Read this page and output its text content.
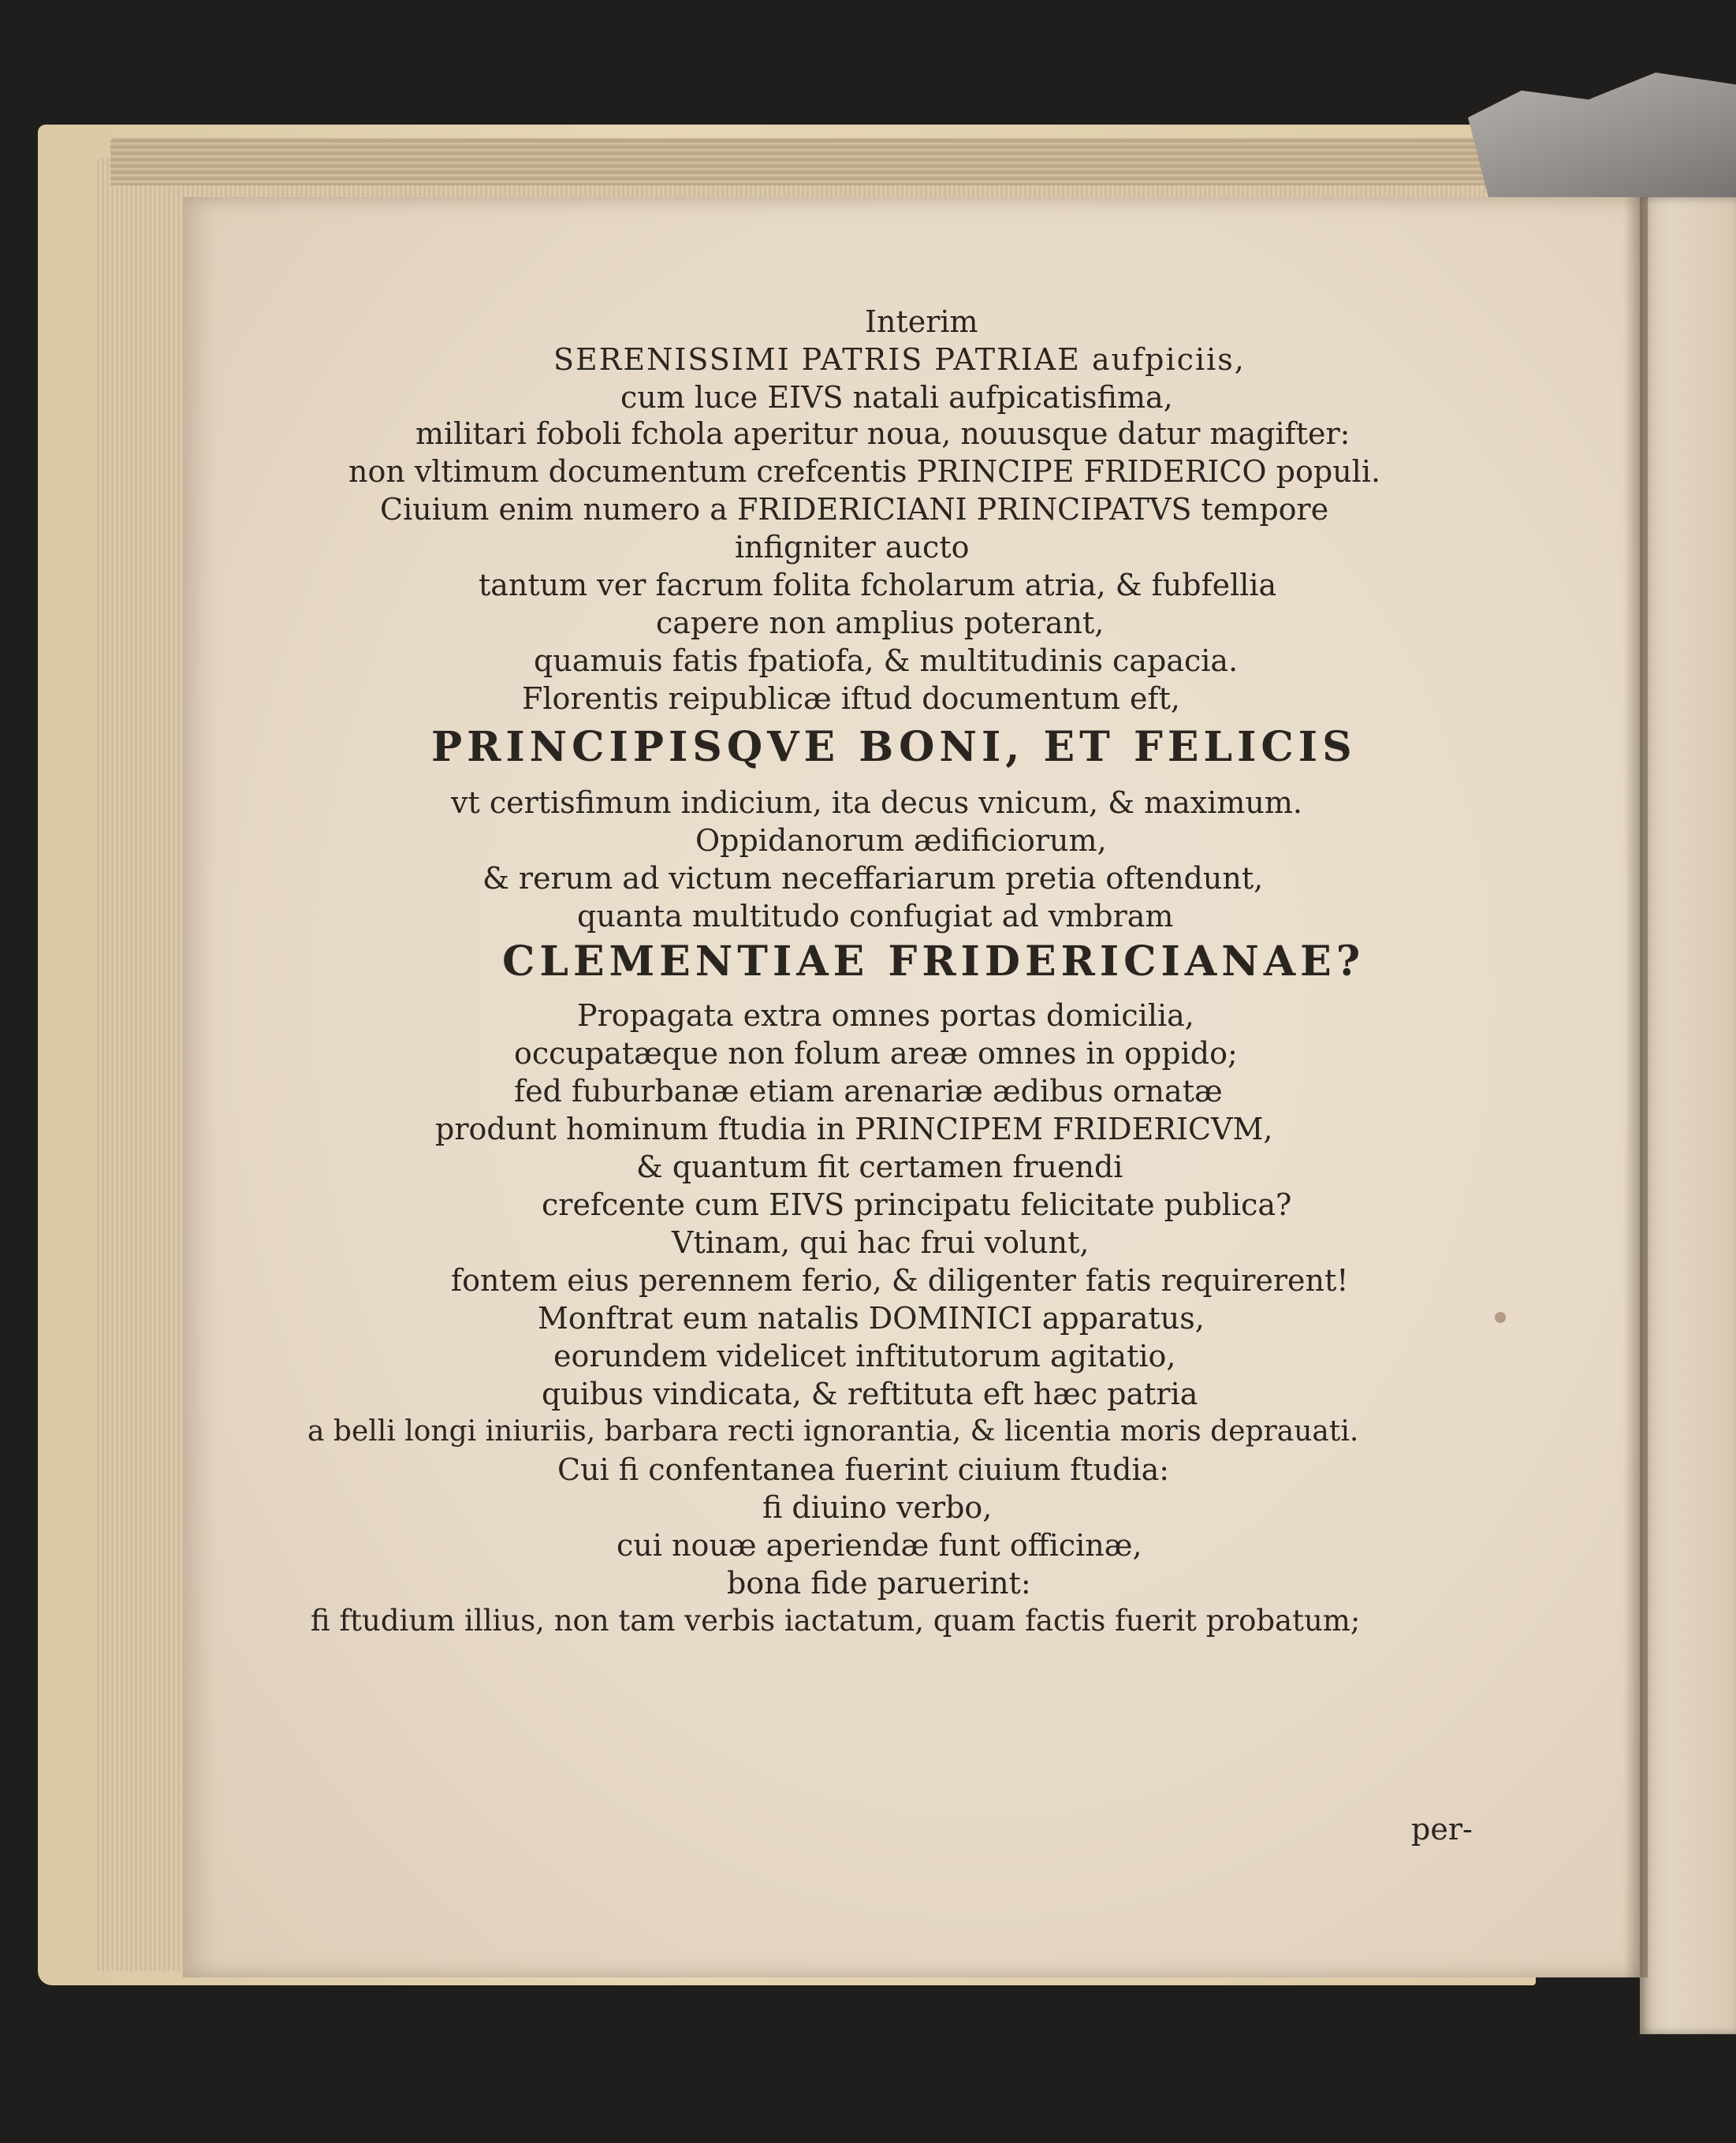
Interim
SERENISSIMI PATRIS PATRIAE aufpiciis,
cum luce EIVS natali aufpicatisfima,
militari foboli fchola aperitur noua, nouusque datur magifter:
non vltimum documentum crefcentis PRINCIPE FRIDERICO populi.
Ciuium enim numero a FRIDERICIANI PRINCIPATVS tempore
infigniter aucto
tantum ver facrum folita fcholarum atria, & fubfellia
capere non amplius poterant,
quamuis fatis fpatiofa, & multitudinis capacia.
Florentis reipublicæ iftud documentum eft,
PRINCIPISQVE BONI, ET FELICIS
vt certisfimum indicium, ita decus vnicum, & maximum.
Oppidanorum ædificiorum,
& rerum ad victum neceffariarum pretia oftendunt,
quanta multitudo confugiat ad vmbram
CLEMENTIAE FRIDERICIANAE?
Propagata extra omnes portas domicilia,
occupatæque non folum areæ omnes in oppido;
fed fuburbanæ etiam arenariæ ædibus ornatæ
produnt hominum ftudia in PRINCIPEM FRIDERICVM,
& quantum fit certamen fruendi
crefcente cum EIVS principatu felicitate publica?
Vtinam, qui hac frui volunt,
fontem eius perennem ferio, & diligenter fatis requirerent!
Monftrat eum natalis DOMINICI apparatus,
eorundem videlicet inftitutorum agitatio,
quibus vindicata, & reftituta eft hæc patria
a belli longi iniuriis, barbara recti ignorantia, & licentia moris deprauati.
Cui fi confentanea fuerint ciuium ftudia:
fi diuino verbo,
cui nouæ aperiendæ funt officinæ,
bona fide paruerint:
fi ftudium illius, non tam verbis iactatum, quam factis fuerit probatum;
per-
